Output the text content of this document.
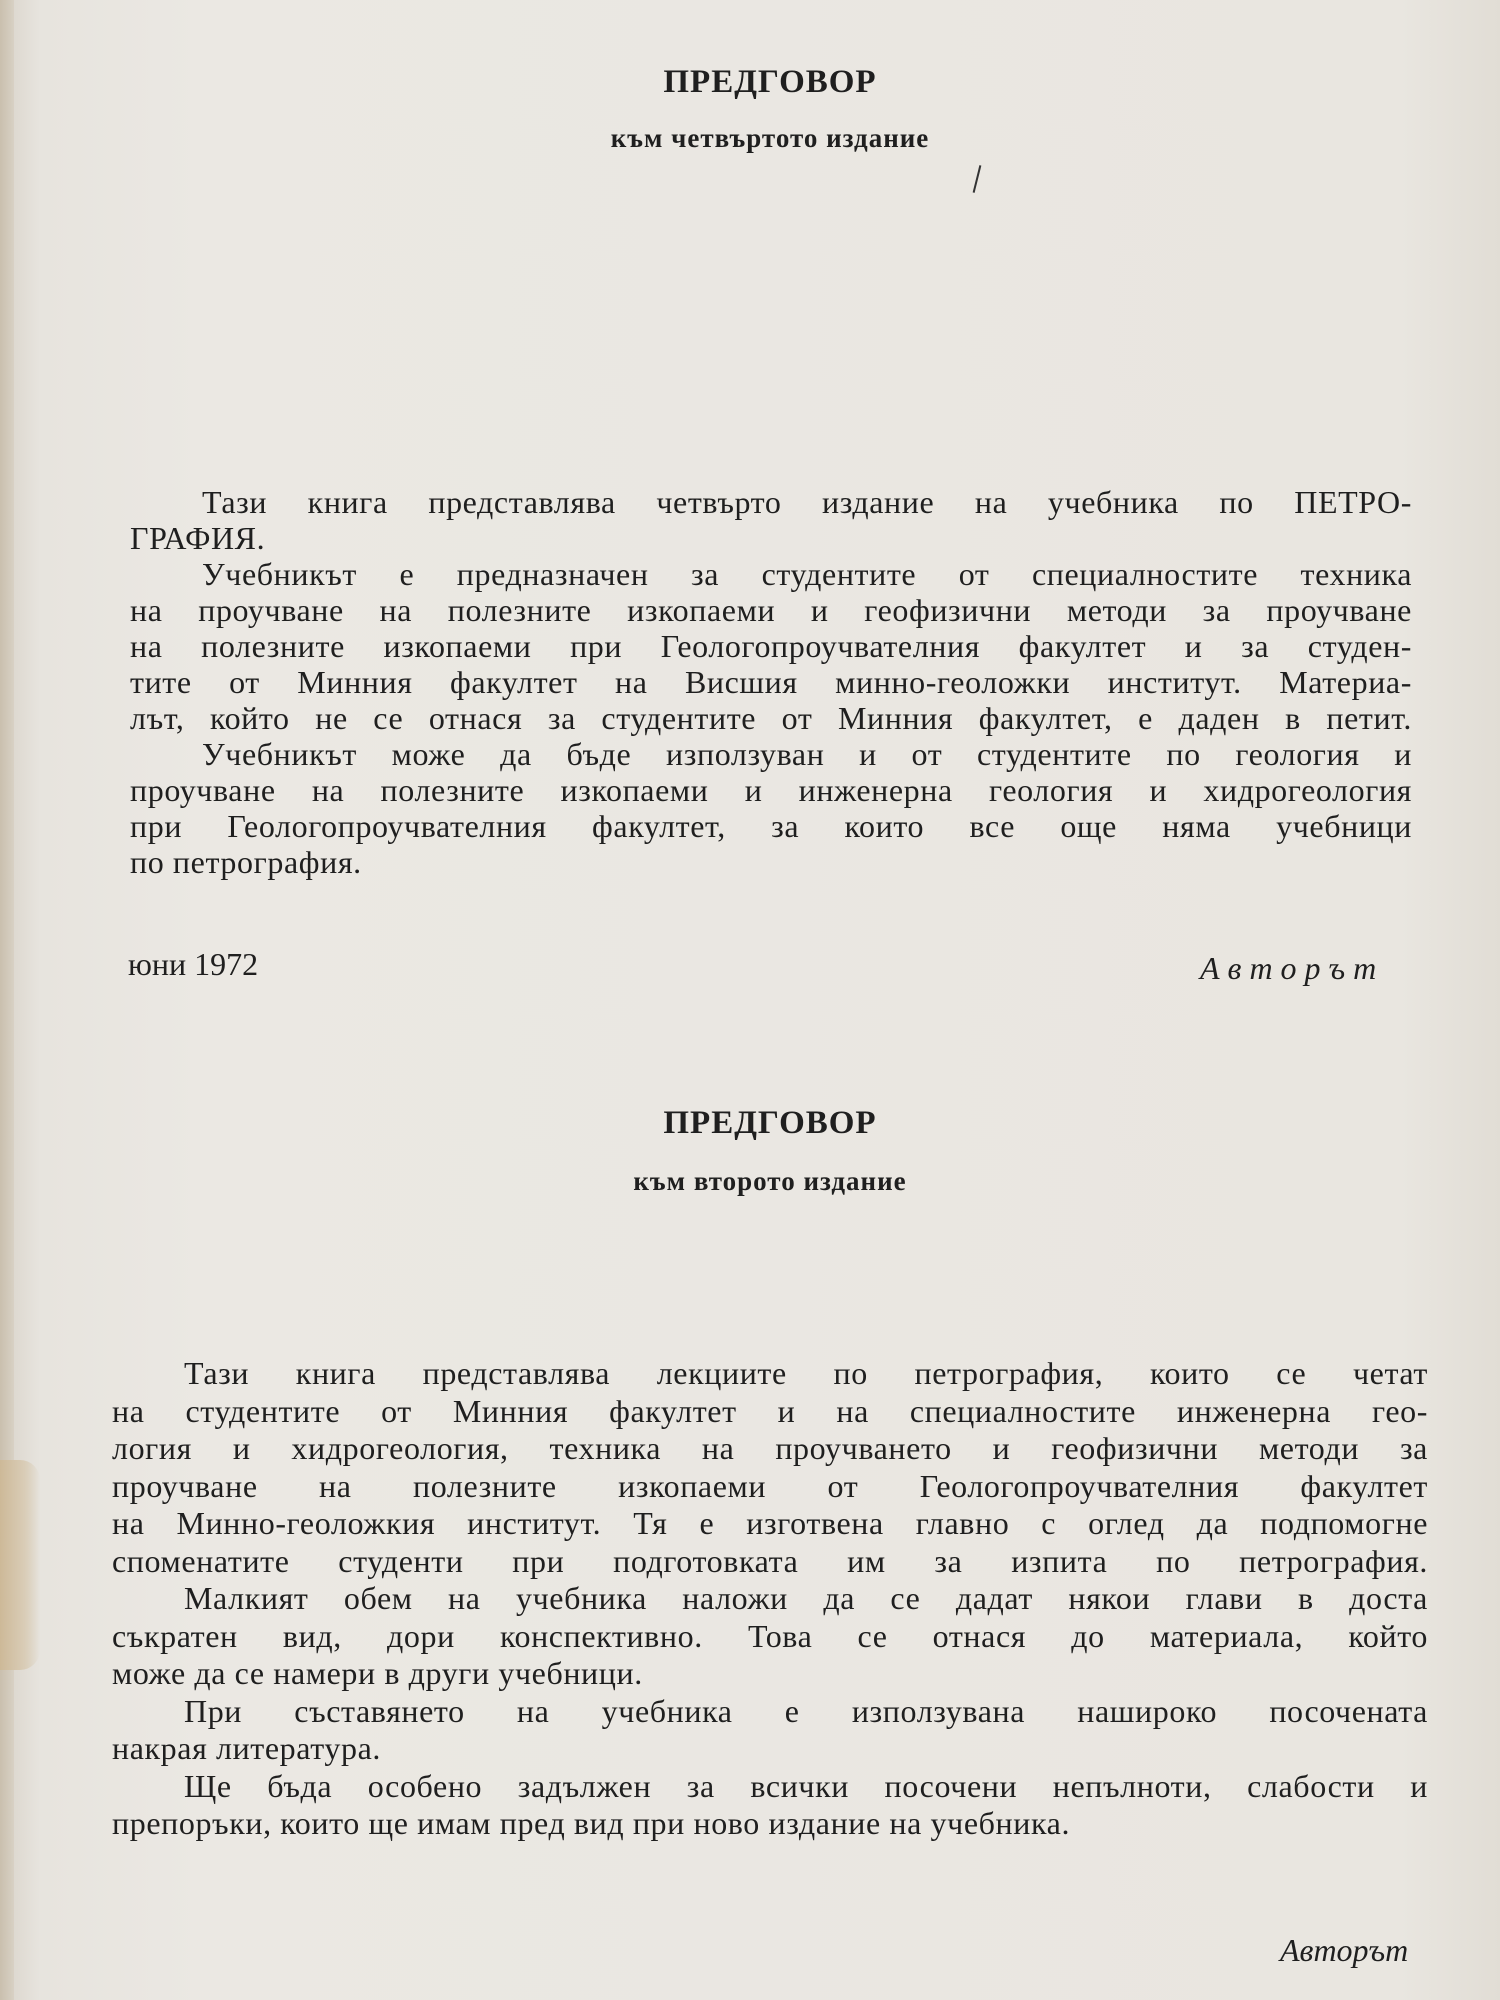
ПРЕДГОВОР
към четвъртото издание
Тази книга представлява четвърто издание на учебника по ПЕТРО-
ГРАФИЯ.
Учебникът е предназначен за студентите от специалностите техника
на проучване на полезните изкопаеми и геофизични методи за проучване
на полезните изкопаеми при Геологопроучвателния факултет и за студен-
тите от Минния факултет на Висшия минно-геоложки институт. Материа-
лът, който не се отнася за студентите от Минния факултет, е даден в петит.
Учебникът може да бъде използуван и от студентите по геология и
проучване на полезните изкопаеми и инженерна геология и хидрогеология
при Геологопроучвателния факултет, за които все още няма учебници
по петрография.
юни 1972	Авторът
ПРЕДГОВОР
към второто издание
Тази книга представлява лекциите по петрография, които се четат
на студентите от Минния факултет и на специалностите инженерна гео-
логия и хидрогеология, техника на проучването и геофизични методи за
проучване на полезните изкопаеми от Геологопроучвателния факултет
на Минно-геоложкия институт. Тя е изготвена главно с оглед да подпомогне
споменатите студенти при подготовката им за изпита по петрография.
Малкият обем на учебника наложи да се дадат някои глави в доста
съкратен вид, дори конспективно. Това се отнася до материала, който
може да се намери в други учебници.
При съставянето на учебника е използувана нашироко посочената
накрая литература.
Ще бъда особено задължен за всички посочени непълноти, слабости и
препоръки, които ще имам пред вид при ново издание на учебника.
Авторът
